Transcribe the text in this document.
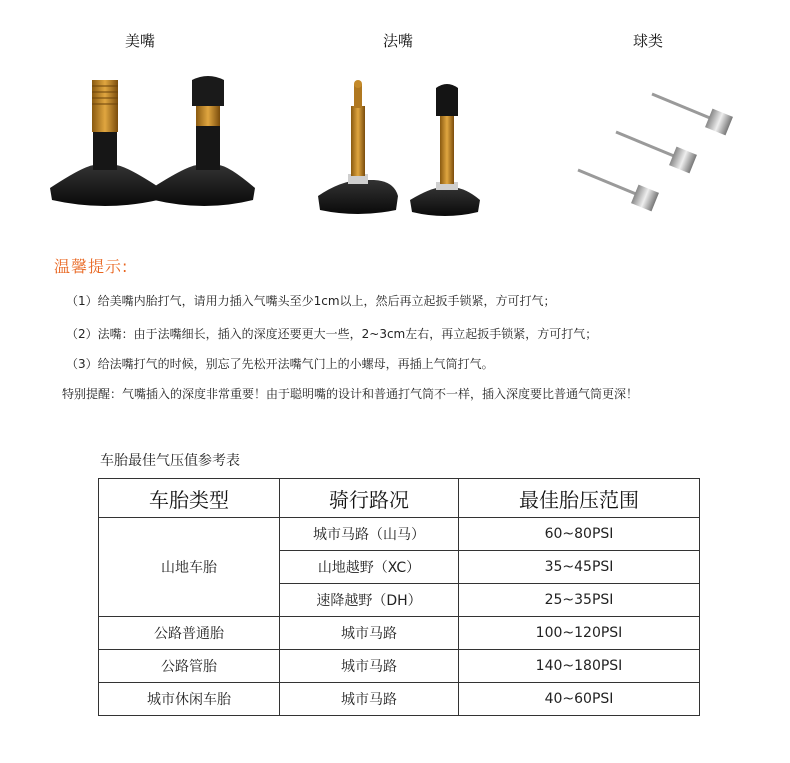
美嘴	法嘴	球类
温馨提示:
（1）给美嘴内胎打气，请用力插入气嘴头至少1cm以上，然后再立起扳手锁紧，方可打气；
（2）法嘴：由于法嘴细长，插入的深度还要更大一些，2~3cm左右，再立起扳手锁紧，方可打气；
（3）给法嘴打气的时候，别忘了先松开法嘴气门上的小螺母，再插上气筒打气。
特别提醒：气嘴插入的深度非常重要！由于聪明嘴的设计和普通打气筒不一样，插入深度要比普通气筒更深！
车胎最佳气压值参考表
车胎类型	骑行路况	最佳胎压范围
山地车胎	城市马路（山马）	60~80PSI
	山地越野（XC）	35~45PSI
	速降越野（DH）	25~35PSI
公路普通胎	城市马路	100~120PSI
公路管胎	城市马路	140~180PSI
城市休闲车胎	城市马路	40~60PSI
